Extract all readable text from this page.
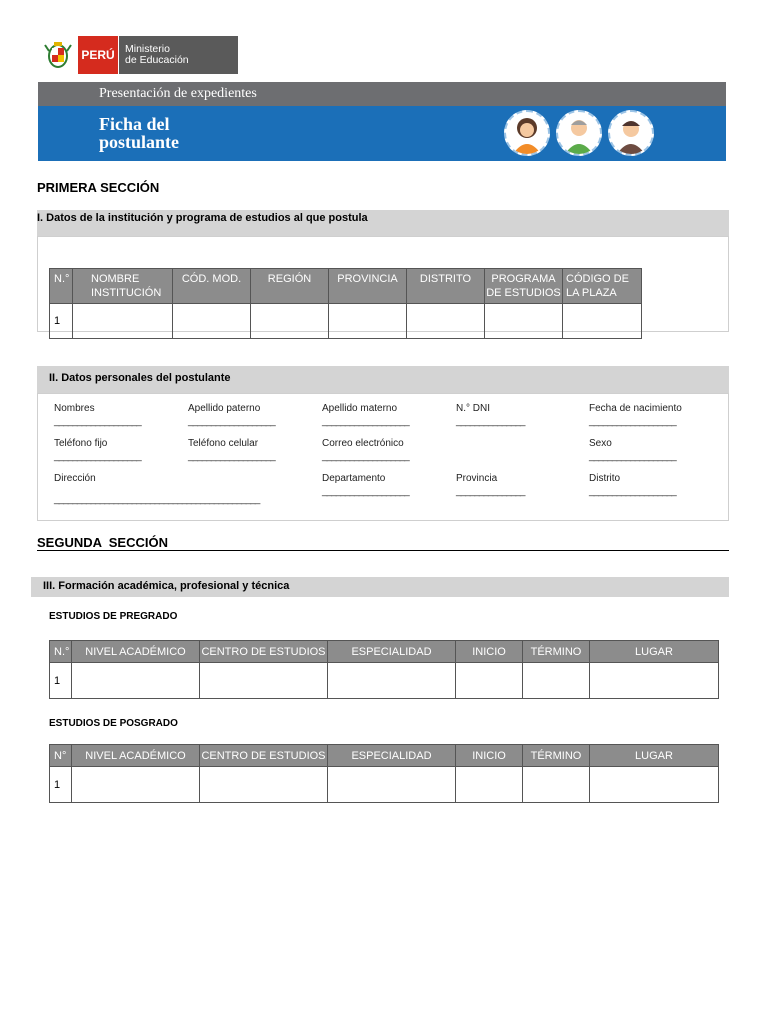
PERÚ Ministerio
de Educación
Presentación de expedientes
Ficha del
postulante
PRIMERA SECCIÓN
I. Datos de la institución y programa de estudios al que postula
N.°	NOMBRE INSTITUCIÓN	CÓD. MOD.	REGIÓN	PROVINCIA	DISTRITO	PROGRAMA DE ESTUDIOS	CÓDIGO DE LA PLAZA
1							
II. Datos personales del postulante
Nombres
___________________
Apellido paterno
___________________
Apellido materno
___________________
N.° DNI
_______________
Fecha de nacimiento
___________________
Teléfono fijo
___________________
Teléfono celular
___________________
Correo electrónico
___________________
Sexo
___________________
Dirección
_____________________________________________
Departamento
___________________
Provincia
_______________
Distrito
___________________
SEGUNDA  SECCIÓN
III. Formación académica, profesional y técnica
ESTUDIOS DE PREGRADO
N.°	NIVEL ACADÉMICO	CENTRO DE ESTUDIOS	ESPECIALIDAD	INICIO	TÉRMINO	LUGAR
1						
ESTUDIOS DE POSGRADO
N°	NIVEL ACADÉMICO	CENTRO DE ESTUDIOS	ESPECIALIDAD	INICIO	TÉRMINO	LUGAR
1						
